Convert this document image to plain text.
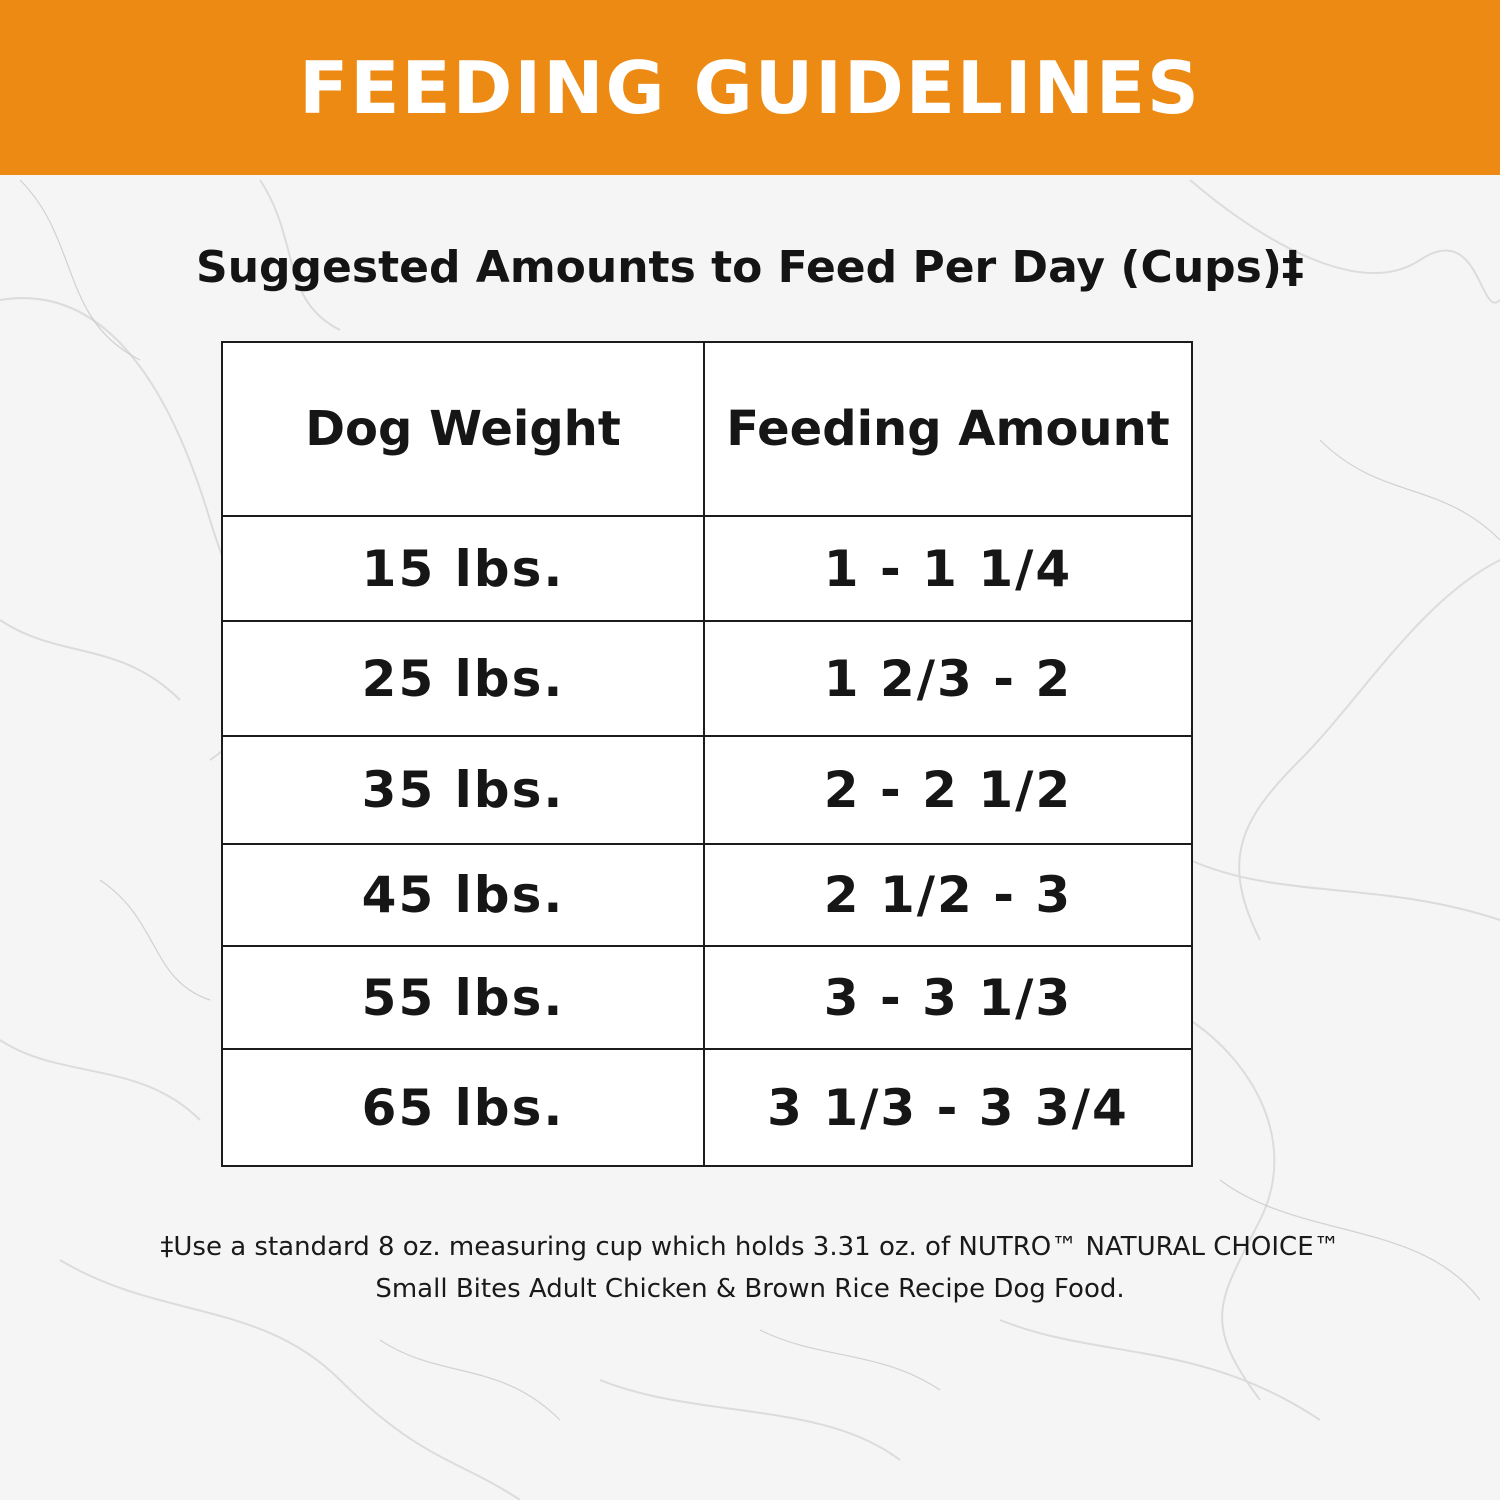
FEEDING GUIDELINES
Suggested Amounts to Feed Per Day (Cups)‡
Dog Weight	Feeding Amount
15 lbs.	1 - 1 1/4
25 lbs.	1 2/3 - 2
35 lbs.	2 - 2 1/2
45 lbs.	2 1/2 - 3
55 lbs.	3 - 3 1/3
65 lbs.	3 1/3 - 3 3/4

‡Use a standard 8 oz. measuring cup which holds 3.31 oz. of NUTRO™ NATURAL CHOICE™

Small Bites Adult Chicken & Brown Rice Recipe Dog Food.
